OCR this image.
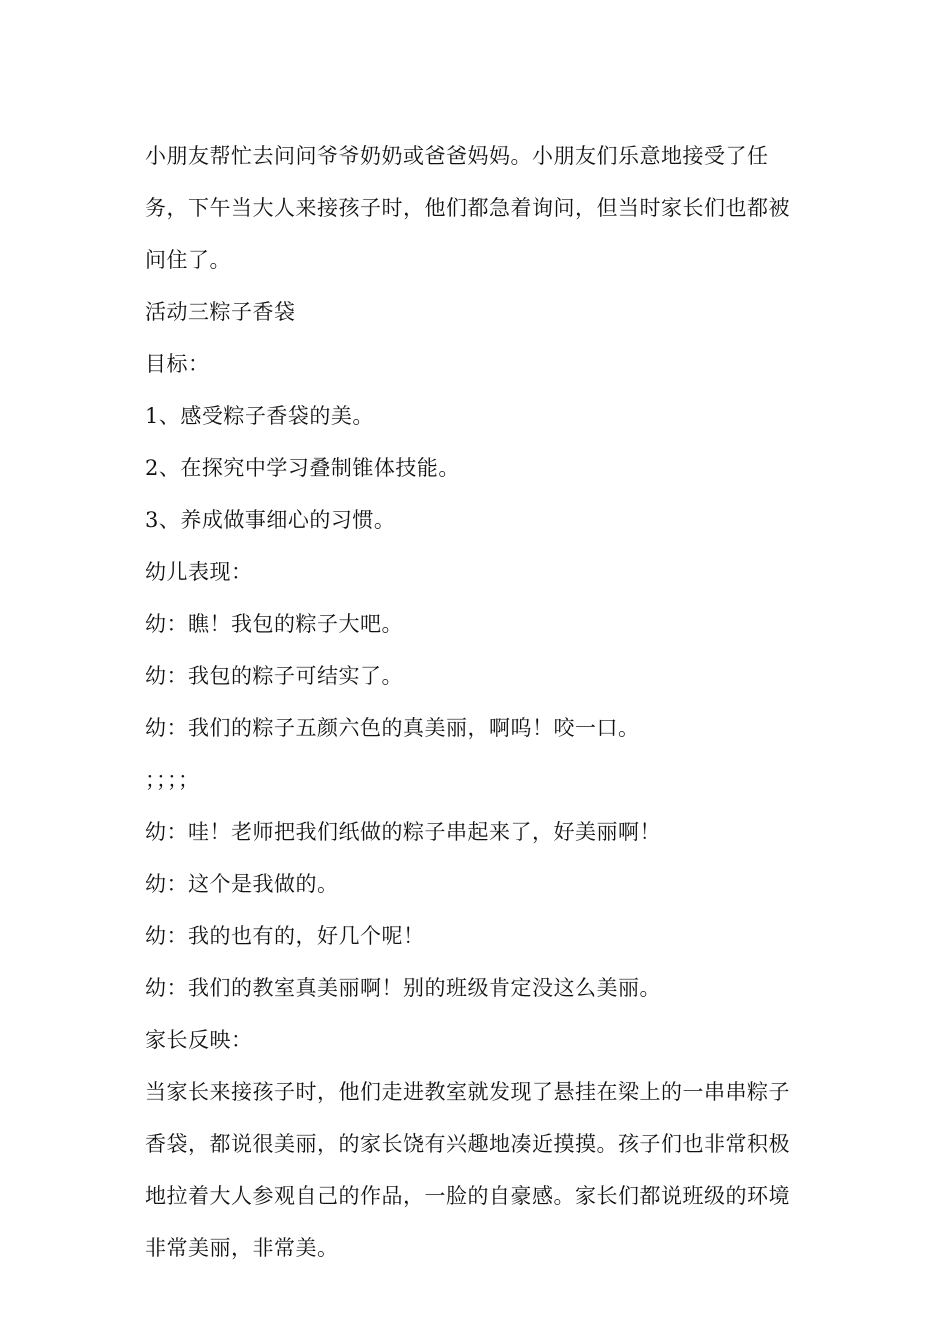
小朋友帮忙去问问爷爷奶奶或爸爸妈妈。小朋友们乐意地接受了任务，下午当大人来接孩子时，他们都急着询问，但当时家长们也都被问住了。

活动三粽子香袋

目标：

1、感受粽子香袋的美。

2、在探究中学习叠制锥体技能。

3、养成做事细心的习惯。

幼儿表现：

幼：瞧！我包的粽子大吧。

幼：我包的粽子可结实了。

幼：我们的粽子五颜六色的真美丽，啊呜！咬一口。

；；；；

幼：哇！老师把我们纸做的粽子串起来了，好美丽啊！

幼：这个是我做的。

幼：我的也有的，好几个呢！

幼：我们的教室真美丽啊！别的班级肯定没这么美丽。

家长反映：

当家长来接孩子时，他们走进教室就发现了悬挂在梁上的一串串粽子香袋，都说很美丽，的家长饶有兴趣地凑近摸摸。孩子们也非常积极地拉着大人参观自己的作品，一脸的自豪感。家长们都说班级的环境非常美丽，非常美。
